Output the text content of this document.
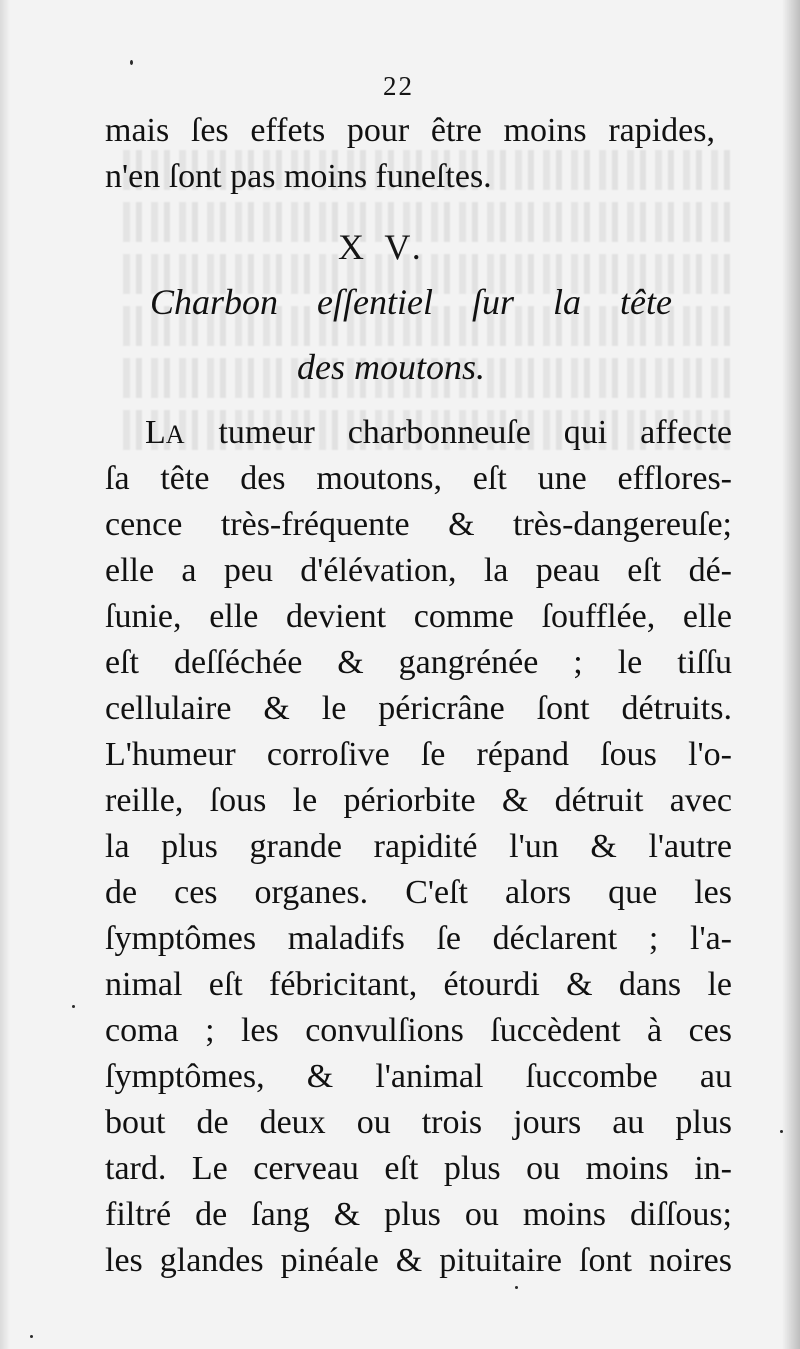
22
mais ſes effets pour être moins rapides,
n'en ſont pas moins funeſtes.
X V.
Charbon eſſentiel ſur la tête
des moutons.
LA tumeur charbonneuſe qui affecte
ſa tête des moutons, eſt une efflores-
cence très-fréquente & très-dangereuſe;
elle a peu d'élévation, la peau eſt dé-
ſunie, elle devient comme ſoufflée, elle
eſt deſſéchée & gangrénée ; le tiſſu
cellulaire & le péricrâne ſont détruits.
L'humeur corroſive ſe répand ſous l'o-
reille, ſous le périorbite & détruit avec
la plus grande rapidité l'un & l'autre
de ces organes. C'eſt alors que les
ſymptômes maladifs ſe déclarent ; l'a-
nimal eſt fébricitant, étourdi & dans le
coma ; les convulſions ſuccèdent à ces
ſymptômes, & l'animal ſuccombe au
bout de deux ou trois jours au plus
tard. Le cerveau eſt plus ou moins in-
filtré de ſang & plus ou moins diſſous;
les glandes pinéale & pituitaire ſont noires
